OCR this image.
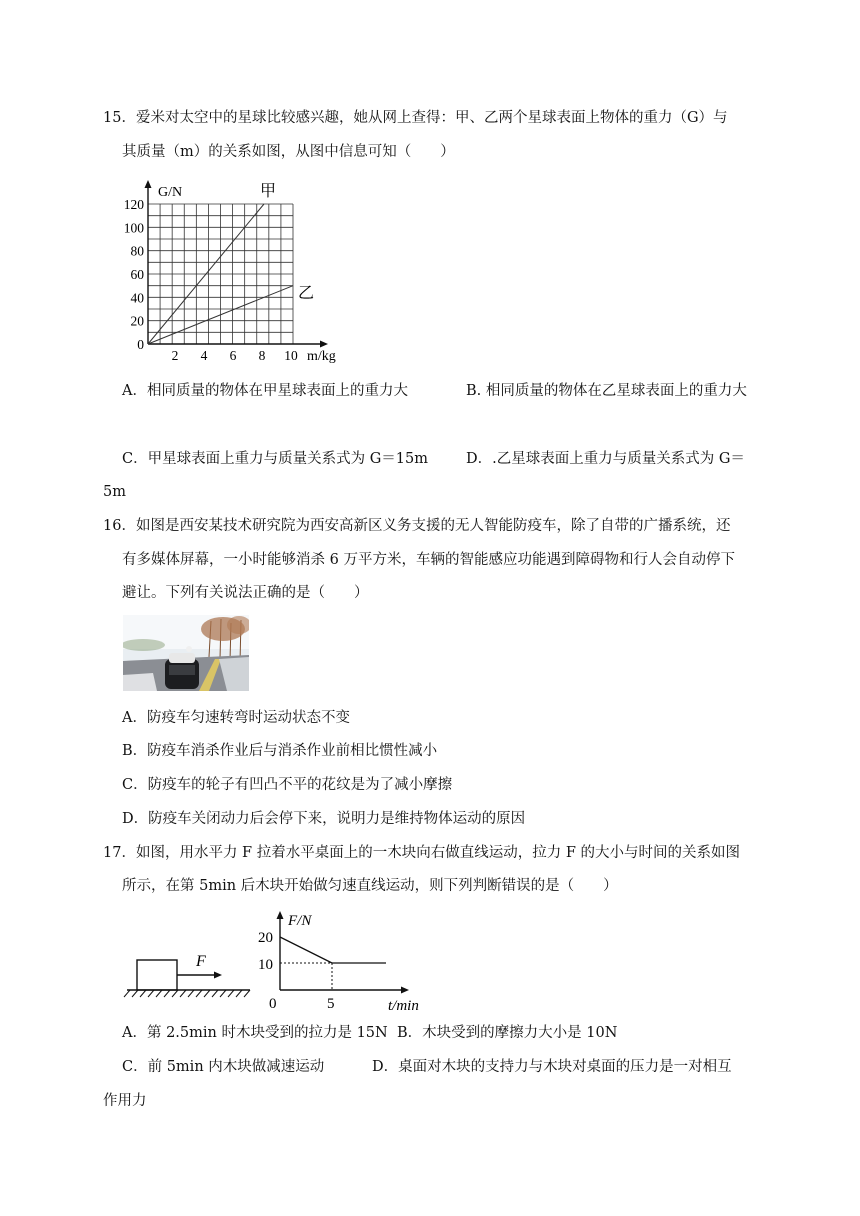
15．爱米对太空中的星球比较感兴趣，她从网上查得：甲、乙两个星球表面上物体的重力（G）与
其质量（m）的关系如图，从图中信息可知（　　）
G/N
m/kg
120
100
80
60
40
20
0
2 4 6 8 10
甲
乙
A．相同质量的物体在甲星球表面上的重力大	B. 相同质量的物体在乙星球表面上的重力大
C．甲星球表面上重力与质量关系式为 G＝15m	D．.乙星球表面上重力与质量关系式为 G＝
5m
16．如图是西安某技术研究院为西安高新区义务支援的无人智能防疫车，除了自带的广播系统，还
有多媒体屏幕，一小时能够消杀 6 万平方米，车辆的智能感应功能遇到障碍物和行人会自动停下
避让。下列有关说法正确的是（　　）
A．防疫车匀速转弯时运动状态不变
B．防疫车消杀作业后与消杀作业前相比惯性减小
C．防疫车的轮子有凹凸不平的花纹是为了减小摩擦
D．防疫车关闭动力后会停下来，说明力是维持物体运动的原因
17．如图，用水平力 F 拉着水平桌面上的一木块向右做直线运动，拉力 F 的大小与时间的关系如图
所示，在第 5min 后木块开始做匀速直线运动，则下列判断错误的是（　　）
F
F/N
t/min
20
10
0	5
A．第 2.5min 时木块受到的拉力是 15N B．木块受到的摩擦力大小是 10N
C．前 5min 内木块做减速运动	D．桌面对木块的支持力与木块对桌面的压力是一对相互
作用力
